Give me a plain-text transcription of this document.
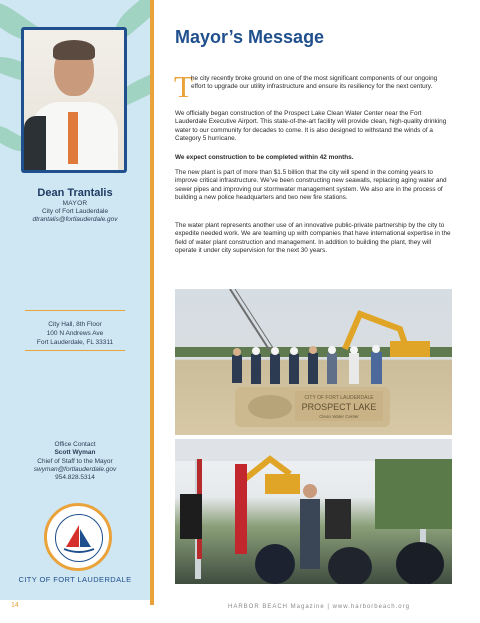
Dean Trantalis
MAYOR
City of Fort Lauderdale
dtrantalis@fortlauderdale.gov
City Hall, 8th Floor
100 N Andrews Ave
Fort Lauderdale, FL 33311
Office Contact
Scott Wyman
Chief of Staff to the Mayor
swyman@fortlauderdale.gov
954.828.5314
CITY OF FORT LAUDERDALE
Mayor’s Message
T

he city recently broke ground on one of the most significant components of our ongoing effort to upgrade our utility infrastructure and ensure its resiliency for the next century.

We officially began construction of the Prospect Lake Clean Water Center near the Fort Lauderdale Executive Airport. This state-of-the-art facility will provide clean, high-quality drinking water to our community for decades to come. It is also designed to withstand the winds of a Category 5 hurricane.

We expect construction to be completed within 42 months.

The new plant is part of more than $1.5 billion that the city will spend in the coming years to improve critical infrastructure. We’ve been constructing new seawalls, replacing aging water and sewer pipes and improving our stormwater management system. We also are in the process of building a new police headquarters and two new fire stations.

The water plant represents another use of an innovative public-private partnership by the city to expedite needed work. We are teaming up with companies that have international expertise in the field of water plant construction and management. In addition to building the plant, they will operate it under city supervision for the next 30 years.

CITY OF FORT LAUDERDALE
PROSPECT LAKE
Clean Water Center
14	HARBOR BEACH Magazine | www.harborbeach.org
